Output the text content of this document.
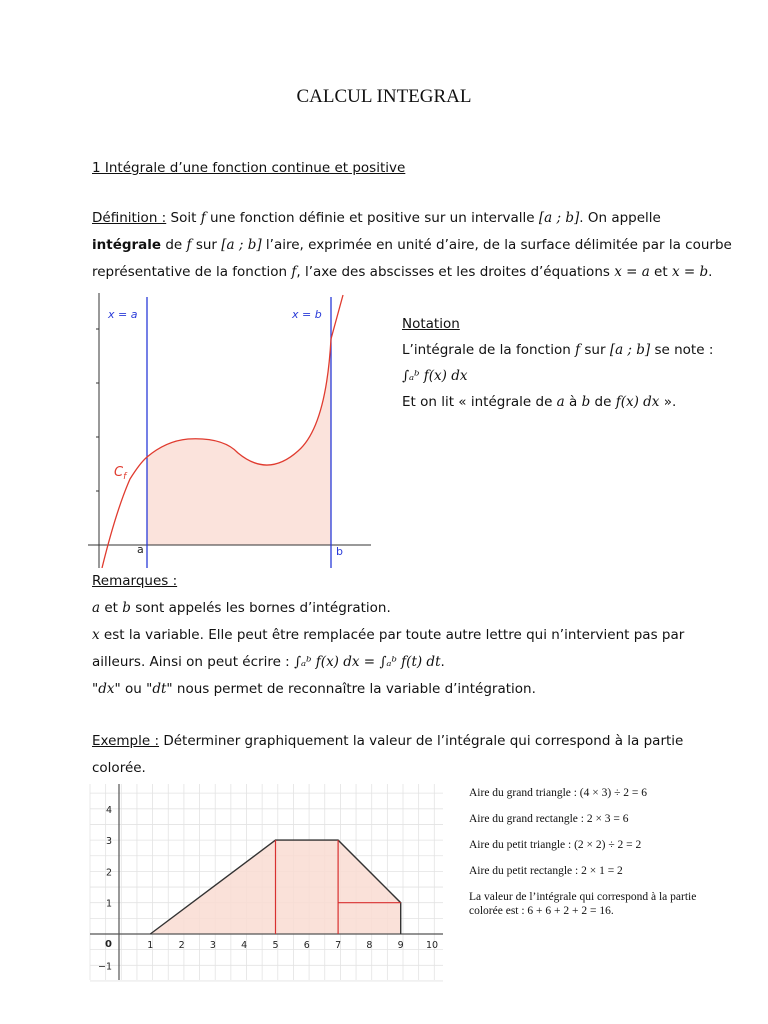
CALCUL INTEGRAL
1 Intégrale d’une fonction continue et positive
Définition : Soit f une fonction définie et positive sur un intervalle [a ; b]. On appelle
intégrale de f sur [a ; b] l’aire, exprimée en unité d’aire, de la surface délimitée par la courbe
représentative de la fonction f, l’axe des abscisses et les droites d’équations x = a et x = b.
x = a	x = b
$C_f$
a	b
Notation
L’intégrale de la fonction f sur [a ; b] se note :
∫ₐᵇ f(x) dx
Et on lit « intégrale de a à b de f(x) dx ».
Remarques :
a et b sont appelés les bornes d’intégration.
x est la variable. Elle peut être remplacée par toute autre lettre qui n’intervient pas par
ailleurs. Ainsi on peut écrire : ∫ₐᵇ f(x) dx = ∫ₐᵇ f(t) dt.
"dx" ou "dt" nous permet de reconnaître la variable d’intégration.
Exemple : Déterminer graphiquement la valeur de l’intégrale qui correspond à la partie
colorée.
1	2	3	4	5	6	7	8	9 10
4
3
2
1
0
−1
Aire du grand triangle : (4 × 3) ÷ 2 = 6
Aire du grand rectangle : 2 × 3 = 6
Aire du petit triangle : (2 × 2) ÷ 2 = 2
Aire du petit rectangle : 2 × 1 = 2
La valeur de l’intégrale qui correspond à la partie colorée est : 6 + 6 + 2 + 2 = 16.
